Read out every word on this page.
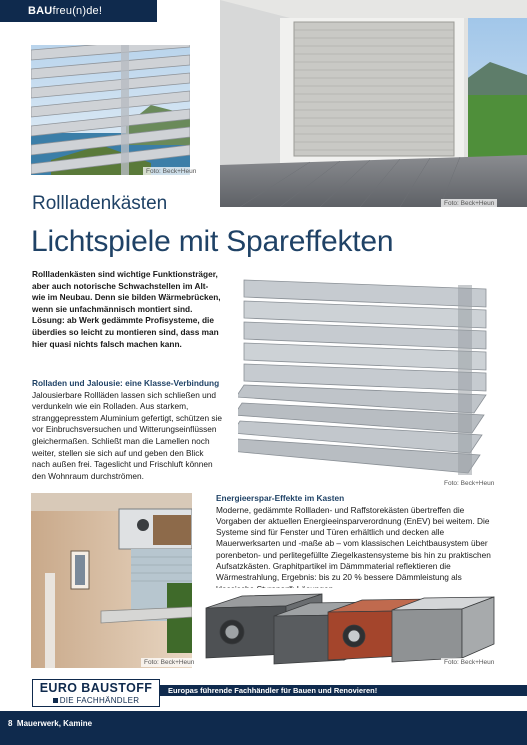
BAUfreu(n)de!
Foto: Beck+Heun
Foto: Beck+Heun
Rollladenkästen
Lichtspiele mit Spareffekten

Rollladenkästen sind wichtige Funktionsträger, aber auch notorische Schwachstellen im Alt- wie im Neubau. Denn sie bilden Wärmebrücken, wenn sie unfachmännisch montiert sind. Lösung: ab Werk gedämmte Profisysteme, die überdies so leicht zu montieren sind, dass man hier quasi nichts falsch machen kann.

Rolladen und Jalousie: eine Klasse-Verbindung

Jalousierbare Rollläden lassen sich schließen und verdunkeln wie ein Rolladen. Aus starkem, stranggepresstem Aluminium gefertigt, schützen sie vor Einbruchsversuchen und Witterungseinflüssen gleichermaßen. Schließt man die Lamellen noch weiter, stellen sie sich auf und geben den Blick nach außen frei. Tageslicht und Frischluft können den Wohnraum durchströmen.

Foto: Beck+Heun
Energieerspar-Effekte im Kasten

Moderne, gedämmte Rollladen- und Raffstorekästen übertreffen die Vorgaben der aktuellen Energieeinsparverordnung (EnEV) bei weitem. Die Systeme sind für Fenster und Türen erhältlich und decken alle Mauerwerksarten und -maße ab – vom klassischen Leichtbausystem über porenbeton- und perlitegefüllte Ziegelkastensysteme bis hin zu praktischen Aufsatzkästen. Graphitpartikel im Dämmmaterial reflektieren die Wärmestrahlung, Ergebnis: bis zu 20 % bessere Dämmleistung als

Foto: Beck+Heun	Foto: Beck+Heun
Europas führende Fachhändler für Bauen und Renovieren!
EURO BAUSTOFF
DIE FACHHÄNDLER
8 Mauerwerk, Kamine
